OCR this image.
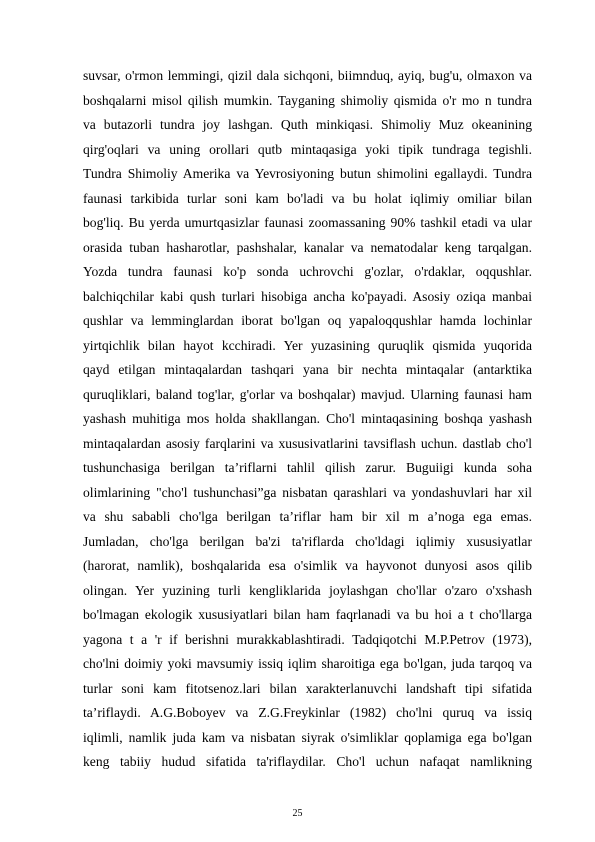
suvsar, o'rmon lemmingi, qizil dala sichqoni, biimnduq, ayiq, bug'u, olmaxon va
boshqalarni misol qilish mumkin. Tayganing shimoliy qismida o'r mo n tundra
va butazorli tundra joy lashgan. Quth minkiqasi. Shimoliy Muz okeanining
qirg'oqlari va uning orollari qutb mintaqasiga yoki tipik tundraga tegishli.
Tundra Shimoliy Amerika va Yevrosiyoning butun shimolini egallaydi. Tundra
faunasi tarkibida turlar soni kam bo'ladi va bu holat iqlimiy omiliar bilan
bog'liq. Bu yerda umurtqasizlar faunasi zoomassaning 90% tashkil etadi va ular
orasida tuban hasharotlar, pashshalar, kanalar va nematodalar keng tarqalgan.
Yozda tundra faunasi ko'p sonda uchrovchi g'ozlar, o'rdaklar, oqqushlar.
balchiqchilar kabi qush turlari hisobiga ancha ko'payadi. Asosiy oziqa manbai
qushlar va lemminglardan iborat bo'lgan oq yapaloqqushlar hamda lochinlar
yirtqichlik bilan hayot kcchiradi. Yer yuzasining quruqlik qismida yuqorida
qayd etilgan mintaqalardan tashqari yana bir nechta mintaqalar (antarktika
quruqliklari, baland tog'lar, g'orlar va boshqalar) mavjud. Ularning faunasi ham
yashash muhitiga mos holda shakllangan. Cho'l mintaqasining boshqa yashash
mintaqalardan asosiy farqlarini va xususivatlarini tavsiflash uchun. dastlab cho'l
tushunchasiga berilgan ta’riflarni tahlil qilish zarur. Buguiigi kunda soha
olimlarining "cho'l tushunchasi”ga nisbatan qarashlari va yondashuvlari har xil
va shu sababli cho'lga berilgan ta’riflar ham bir xil m a’noga ega emas.
Jumladan, cho'lga berilgan ba'zi ta'riflarda cho'ldagi iqlimiy xususiyatlar
(harorat, namlik), boshqalarida esa o'simlik va hayvonot dunyosi asos qilib
olingan. Yer yuzining turli kengliklarida joylashgan cho'llar o'zaro o'xshash
bo'lmagan ekologik xususiyatlari bilan ham faqrlanadi va bu hoi a t cho'llarga
yagona t a 'r if berishni murakkablashtiradi. Tadqiqotchi M.P.Petrov (1973),
cho'lni doimiy yoki mavsumiy issiq iqlim sharoitiga ega bo'lgan, juda tarqoq va
turlar soni kam fitotsenoz.lari bilan xarakterlanuvchi landshaft tipi sifatida
ta’riflaydi. A.G.Boboyev va Z.G.Freykinlar (1982) cho'lni quruq va issiq
iqlimli, namlik juda kam va nisbatan siyrak o'simliklar qoplamiga ega bo'lgan
keng tabiiy hudud sifatida ta'riflaydilar. Cho'l uchun nafaqat namlikning
25
